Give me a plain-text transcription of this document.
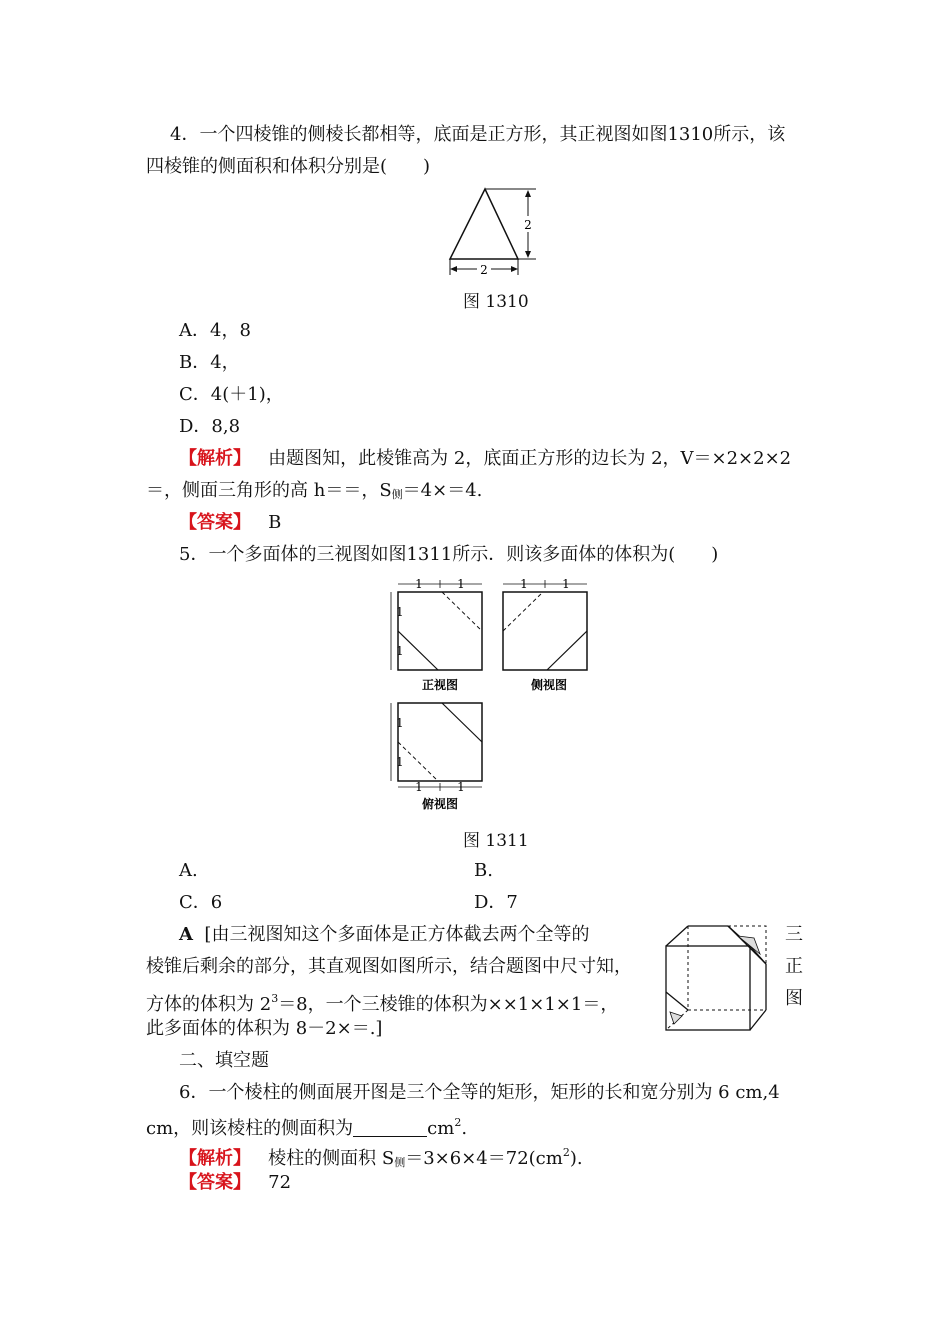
4．一个四棱锥的侧棱长都相等，底面是正方形，其正视图如图1310所示，该
四棱锥的侧面积和体积分别是(　　)
2
2
图 1310
A．4，8
B．4，
C．4(＋1)，
D．8,8
【解析】 由题图知，此棱锥高为 2，底面正方形的边长为 2，V＝×2×2×2
＝，侧面三角形的高 h＝＝，S侧＝4×＝4.
【答案】 B
5．一个多面体的三视图如图1311所示．则该多面体的体积为(　　)
1	1
1
1
正视图
1	1
侧视图
1
1
1	1
俯视图
图 1311
A.	B.
C．6	D．7
A [由三视图知这个多面体是正方体截去两个全等的
棱锥后剩余的部分，其直观图如图所示，结合题图中尺寸知，
方体的体积为 $2^3=8$，一个三棱锥的体积为××1×1×1＝，
此多面体的体积为 8－2×＝.]
三
正
图
二、填空题
6．一个棱柱的侧面展开图是三个全等的矩形，矩形的长和宽分别为 6 cm,4
cm，则该棱柱的侧面积为	$cm^2$.
【解析】 棱柱的侧面积 S侧$=3\times 6\times 4=72(cm^2)$.
【答案】 72
